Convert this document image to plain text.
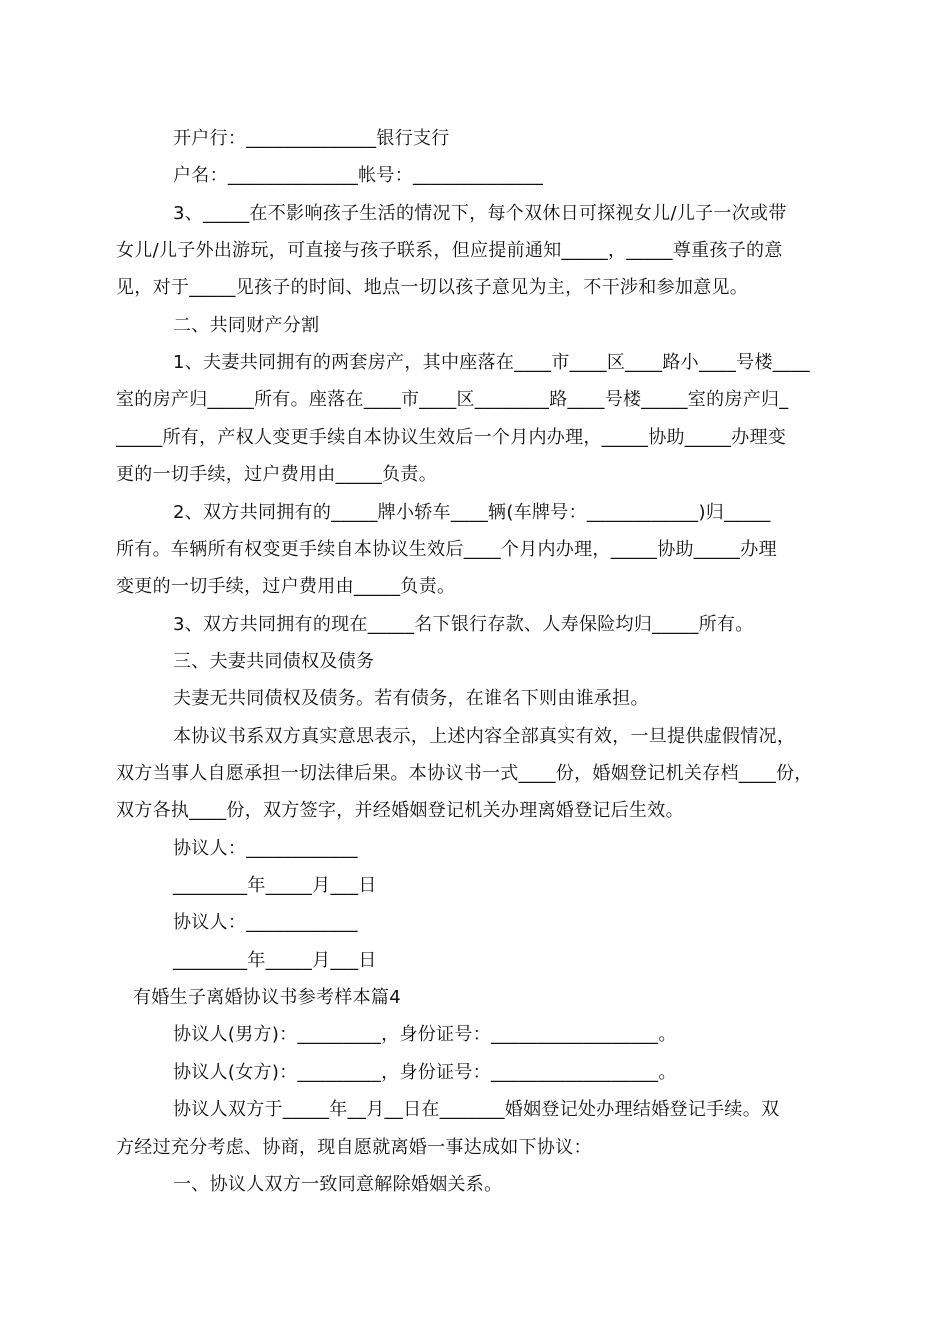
开户行：______________银行支行
户名：______________帐号：______________
3、_____在不影响孩子生活的情况下，每个双休日可探视女儿/儿子一次或带
女儿/儿子外出游玩，可直接与孩子联系，但应提前通知_____，_____尊重孩子的意
见，对于_____见孩子的时间、地点一切以孩子意见为主，不干涉和参加意见。
二、共同财产分割
1、夫妻共同拥有的两套房产，其中座落在____市____区____路小____号楼____
室的房产归_____所有。座落在____市____区________路____号楼_____室的房产归_
_____所有，产权人变更手续自本协议生效后一个月内办理，_____协助_____办理变
更的一切手续，过户费用由_____负责。
2、双方共同拥有的_____牌小轿车____辆(车牌号：____________)归_____
所有。车辆所有权变更手续自本协议生效后____个月内办理，_____协助_____办理
变更的一切手续，过户费用由_____负责。
3、双方共同拥有的现在_____名下银行存款、人寿保险均归_____所有。
三、夫妻共同债权及债务
夫妻无共同债权及债务。若有债务，在谁名下则由谁承担。
本协议书系双方真实意思表示，上述内容全部真实有效，一旦提供虚假情况，
双方当事人自愿承担一切法律后果。本协议书一式____份，婚姻登记机关存档____份，
双方各执____份，双方签字，并经婚姻登记机关办理离婚登记后生效。
协议人：____________
________年_____月___日
协议人：____________
________年_____月___日
有婚生子离婚协议书参考样本篇4
协议人(男方)：_________，身份证号：__________________。
协议人(女方)：_________，身份证号：__________________。
协议人双方于_____年__月__日在_______婚姻登记处办理结婚登记手续。双
方经过充分考虑、协商，现自愿就离婚一事达成如下协议：
一、协议人双方一致同意解除婚姻关系。
